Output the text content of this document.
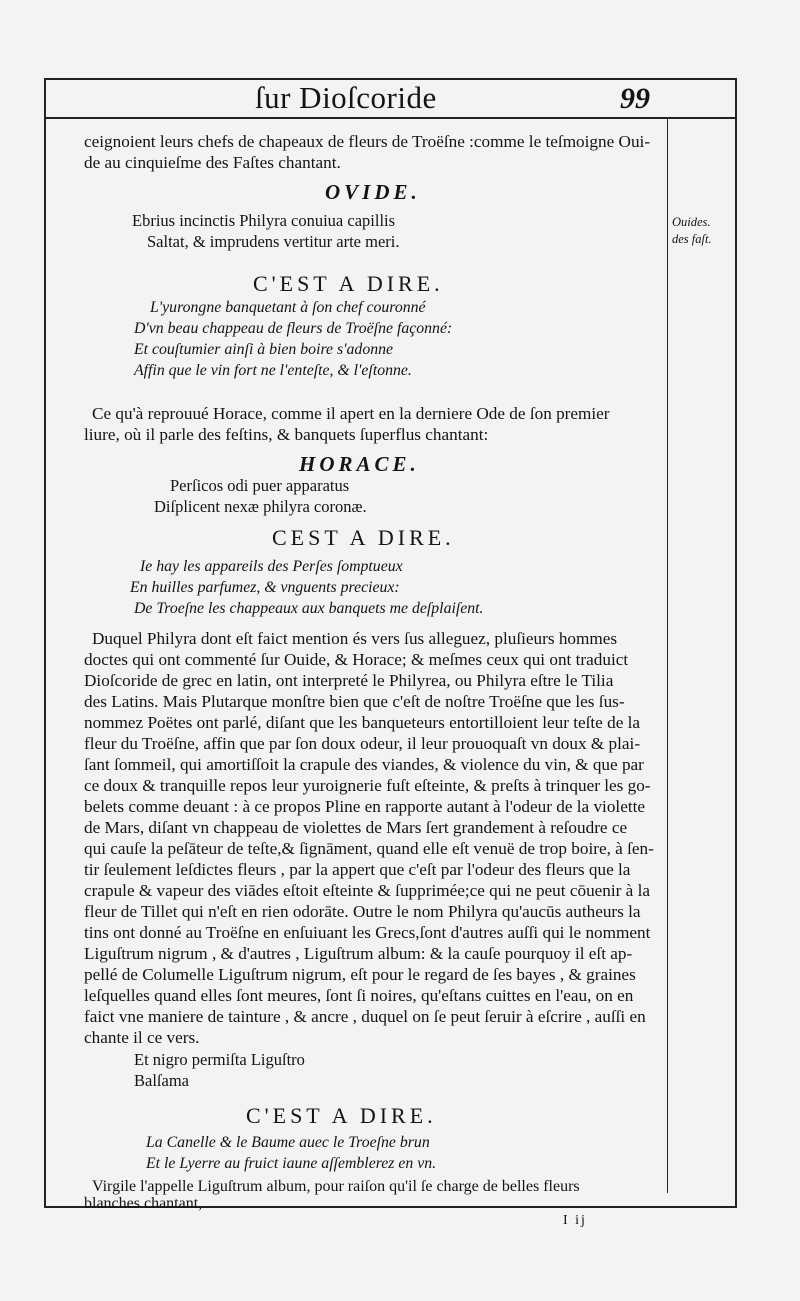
ſur Dioſcoride	99
ceignoient leurs chefs de chapeaux de fleurs de Troëſne :comme le teſmoigne Oui-
de au cinquieſme des Faſtes chantant.
OVIDE.
Ebrius incinctis Philyra conuiua capillis
Saltat, & imprudens vertitur arte meri.
Ouides.
des faſt.
C'EST A DIRE.
L'yurongne banquetant à ſon chef couronné
D'vn beau chappeau de fleurs de Troëſne façonné:
Et couſtumier ainſi à bien boire s'adonne
Affin que le vin fort ne l'enteſte, & l'eſtonne.
Ce qu'à reprouué Horace, comme il apert en la derniere Ode de ſon premier
liure, où il parle des feſtins, & banquets ſuperflus chantant:
HORACE.
Perſicos odi puer apparatus
Diſplicent nexæ philyra coronæ.
CEST A DIRE.
Ie hay les appareils des Perſes ſomptueux
En huilles parfumez, & vnguents precieux:
De Troeſne les chappeaux aux banquets me deſplaiſent.
Duquel Philyra dont eſt faict mention és vers ſus alleguez, pluſieurs hommes
doctes qui ont commenté ſur Ouide, & Horace; & meſmes ceux qui ont traduict
Dioſcoride de grec en latin, ont interpreté le Philyrea, ou Philyra eſtre le Tilia
des Latins. Mais Plutarque monſtre bien que c'eſt de noſtre Troëſne que les ſus-
nommez Poëtes ont parlé, diſant que les banqueteurs entortilloient leur teſte de la
fleur du Troëſne, affin que par ſon doux odeur, il leur prouoquaſt vn doux & plai-
ſant ſommeil, qui amortiſſoit la crapule des viandes, & violence du vin, & que par
ce doux & tranquille repos leur yuroignerie fuſt eſteinte, & preſts à trinquer les go-
belets comme deuant : à ce propos Pline en rapporte autant à l'odeur de la violette
de Mars, diſant vn chappeau de violettes de Mars ſert grandement à reſoudre ce
qui cauſe la peſāteur de teſte,& ſignāment, quand elle eſt venuë de trop boire, à ſen-
tir ſeulement leſdictes fleurs , par la appert que c'eſt par l'odeur des fleurs que la
crapule & vapeur des viādes eſtoit eſteinte & ſupprimée;ce qui ne peut cōuenir à la
fleur de Tillet qui n'eſt en rien odorāte. Outre le nom Philyra qu'aucūs autheurs la
tins ont donné au Troëſne en enſuiuant les Grecs,ſont d'autres auſſi qui le nomment
Liguſtrum nigrum , & d'autres , Liguſtrum album: & la cauſe pourquoy il eſt ap-
pellé de Columelle Liguſtrum nigrum, eſt pour le regard de ſes bayes , & graines
leſquelles quand elles ſont meures, ſont ſi noires, qu'eſtans cuittes en l'eau, on en
faict vne maniere de tainture , & ancre , duquel on ſe peut ſeruir à eſcrire , auſſi en
chante il ce vers.
Et nigro permiſta Liguſtro
Balſama
C'EST A DIRE.
La Canelle & le Baume auec le Troeſne brun
Et le Lyerre au fruict iaune aſſemblerez en vn.
Virgile l'appelle Liguſtrum album, pour raiſon qu'il ſe charge de belles fleurs
blanches chantant,
I ij
